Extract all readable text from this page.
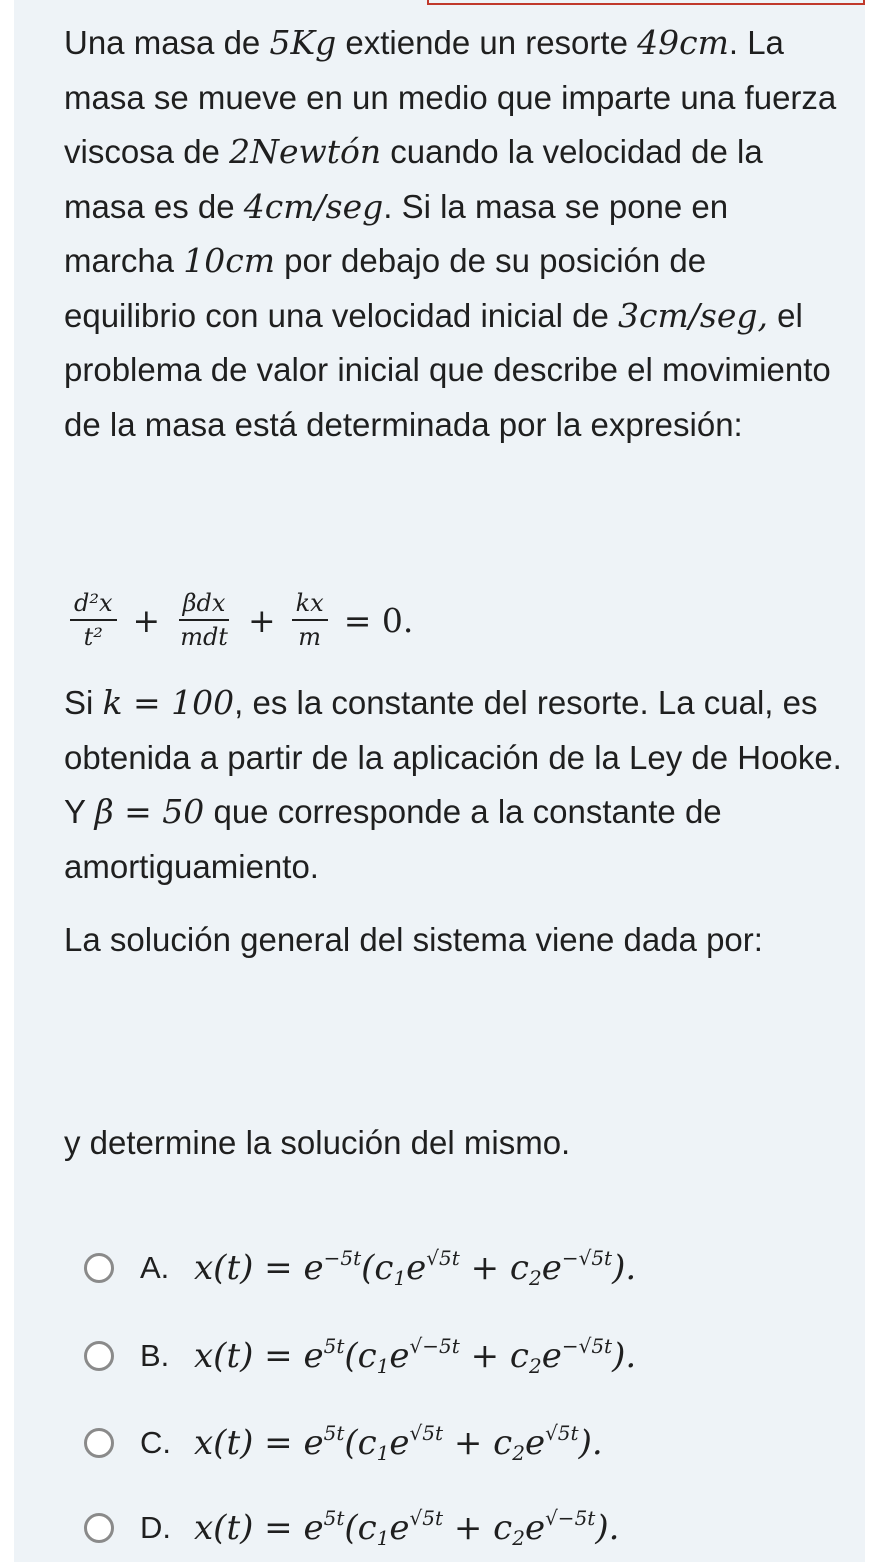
Una masa de 5Kg extiende un resorte 49cm. La masa se mueve en un medio que imparte una fuerza viscosa de 2Newtón cuando la velocidad de la masa es de 4cm/seg. Si la masa se pone en marcha 10cm por debajo de su posición de equilibrio con una velocidad inicial de 3cm/seg, el problema de valor inicial que describe el movimiento de la masa está determinada por la expresión:

$\frac{\text{d²x}}{\text{t²}} + \frac{\text{βdx}}{\text{mdt}} + \frac{kx}{m} = 0$.

Si k = 100, es la constante del resorte. La cual, es obtenida a partir de la aplicación de la Ley de Hooke. Y β = 50 que corresponde a la constante de amortiguamiento.

La solución general del sistema viene dada por:

y determine la solución del mismo.

A. $x(t) = e^{-5t}(c_1e^{√5t} + c_2e^{-√5t})$.
B. $x(t) = e^{5t}(c_1e^{√-5t} + c_2e^{-√5t})$.
C. $x(t) = e^{5t}(c_1e^{√5t} + c_2e^{√5t})$.
D. $x(t) = e^{5t}(c_1e^{√5t} + c_2e^{√-5t})$.
